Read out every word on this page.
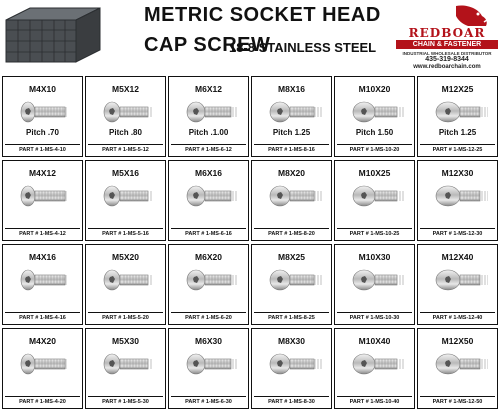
METRIC SOCKET HEAD
CAP SCREW
18-8 STAINLESS STEEL
REDBOAR
CHAIN & FASTENER
INDUSTRIAL WHOLESALE DISTRIBUTOR
435-319-8344
www.redboarchain.com
M4X10
Pitch .70
PART # 1-MS-4-10
M5X12
Pitch .80
PART # 1-MS-5-12
M6X12
Pitch .1.00
PART # 1-MS-6-12
M8X16
Pitch 1.25
PART # 1-MS-8-16
M10X20
Pitch 1.50
PART # 1-MS-10-20
M12X25
Pitch 1.25
PART # 1-MS-12-25
M4X12
PART # 1-MS-4-12
M5X16
PART # 1-MS-5-16
M6X16
PART # 1-MS-6-16
M8X20
PART # 1-MS-8-20
M10X25
PART # 1-MS-10-25
M12X30
PART # 1-MS-12-30
M4X16
PART # 1-MS-4-16
M5X20
PART # 1-MS-5-20
M6X20
PART # 1-MS-6-20
M8X25
PART # 1-MS-8-25
M10X30
PART # 1-MS-10-30
M12X40
PART # 1-MS-12-40
M4X20
PART # 1-MS-4-20
M5X30
PART # 1-MS-5-30
M6X30
PART # 1-MS-6-30
M8X30
PART # 1-MS-8-30
M10X40
PART # 1-MS-10-40
M12X50
PART # 1-MS-12-50
